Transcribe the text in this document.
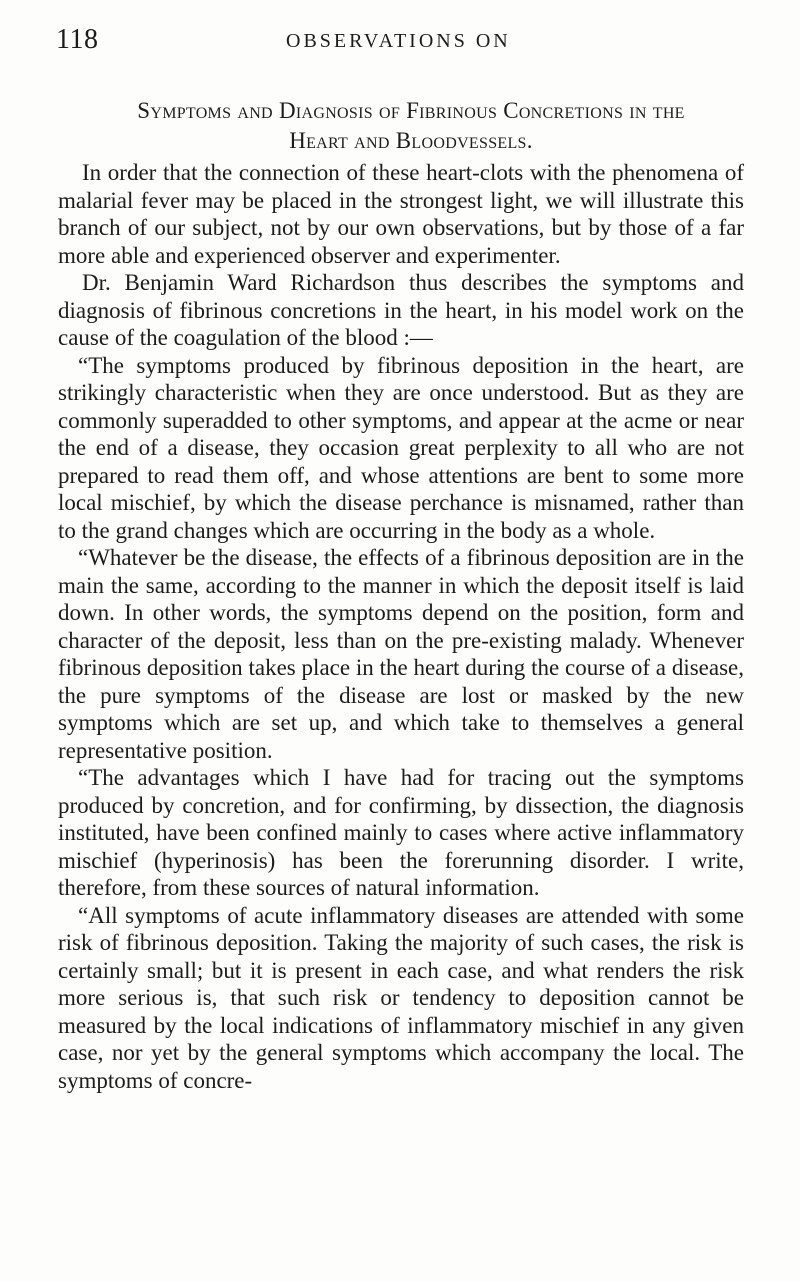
118	OBSERVATIONS ON
Symptoms and Diagnosis of Fibrinous Concretions in the
Heart and Bloodvessels.

In order that the connection of these heart-clots with the phenomena of malarial fever may be placed in the strongest light, we will illustrate this branch of our subject, not by our own observations, but by those of a far more able and experienced observer and experimenter.

Dr. Benjamin Ward Richardson thus describes the symptoms and diagnosis of fibrinous concretions in the heart, in his model work on the cause of the coagulation of the blood :—

“The symptoms produced by fibrinous deposition in the heart, are strikingly characteristic when they are once understood. But as they are commonly superadded to other symptoms, and appear at the acme or near the end of a disease, they occasion great perplexity to all who are not prepared to read them off, and whose attentions are bent to some more local mischief, by which the disease perchance is misnamed, rather than to the grand changes which are occurring in the body as a whole.

“Whatever be the disease, the effects of a fibrinous deposition are in the main the same, according to the manner in which the deposit itself is laid down. In other words, the symptoms depend on the position, form and character of the deposit, less than on the pre-existing malady. Whenever fibrinous deposition takes place in the heart during the course of a disease, the pure symptoms of the disease are lost or masked by the new symptoms which are set up, and which take to themselves a general representative position.

“The advantages which I have had for tracing out the symptoms produced by concretion, and for confirming, by dissection, the diagnosis instituted, have been confined mainly to cases where active inflammatory mischief (hyperinosis) has been the forerunning disorder. I write, therefore, from these sources of natural information.

“All symptoms of acute inflammatory diseases are attended with some risk of fibrinous deposition. Taking the majority of such cases, the risk is certainly small; but it is present in each case, and what renders the risk more serious is, that such risk or tendency to deposition cannot be measured by the local indications of inflammatory mischief in any given case, nor yet by the general symptoms which accompany the local. The symptoms of concre-
